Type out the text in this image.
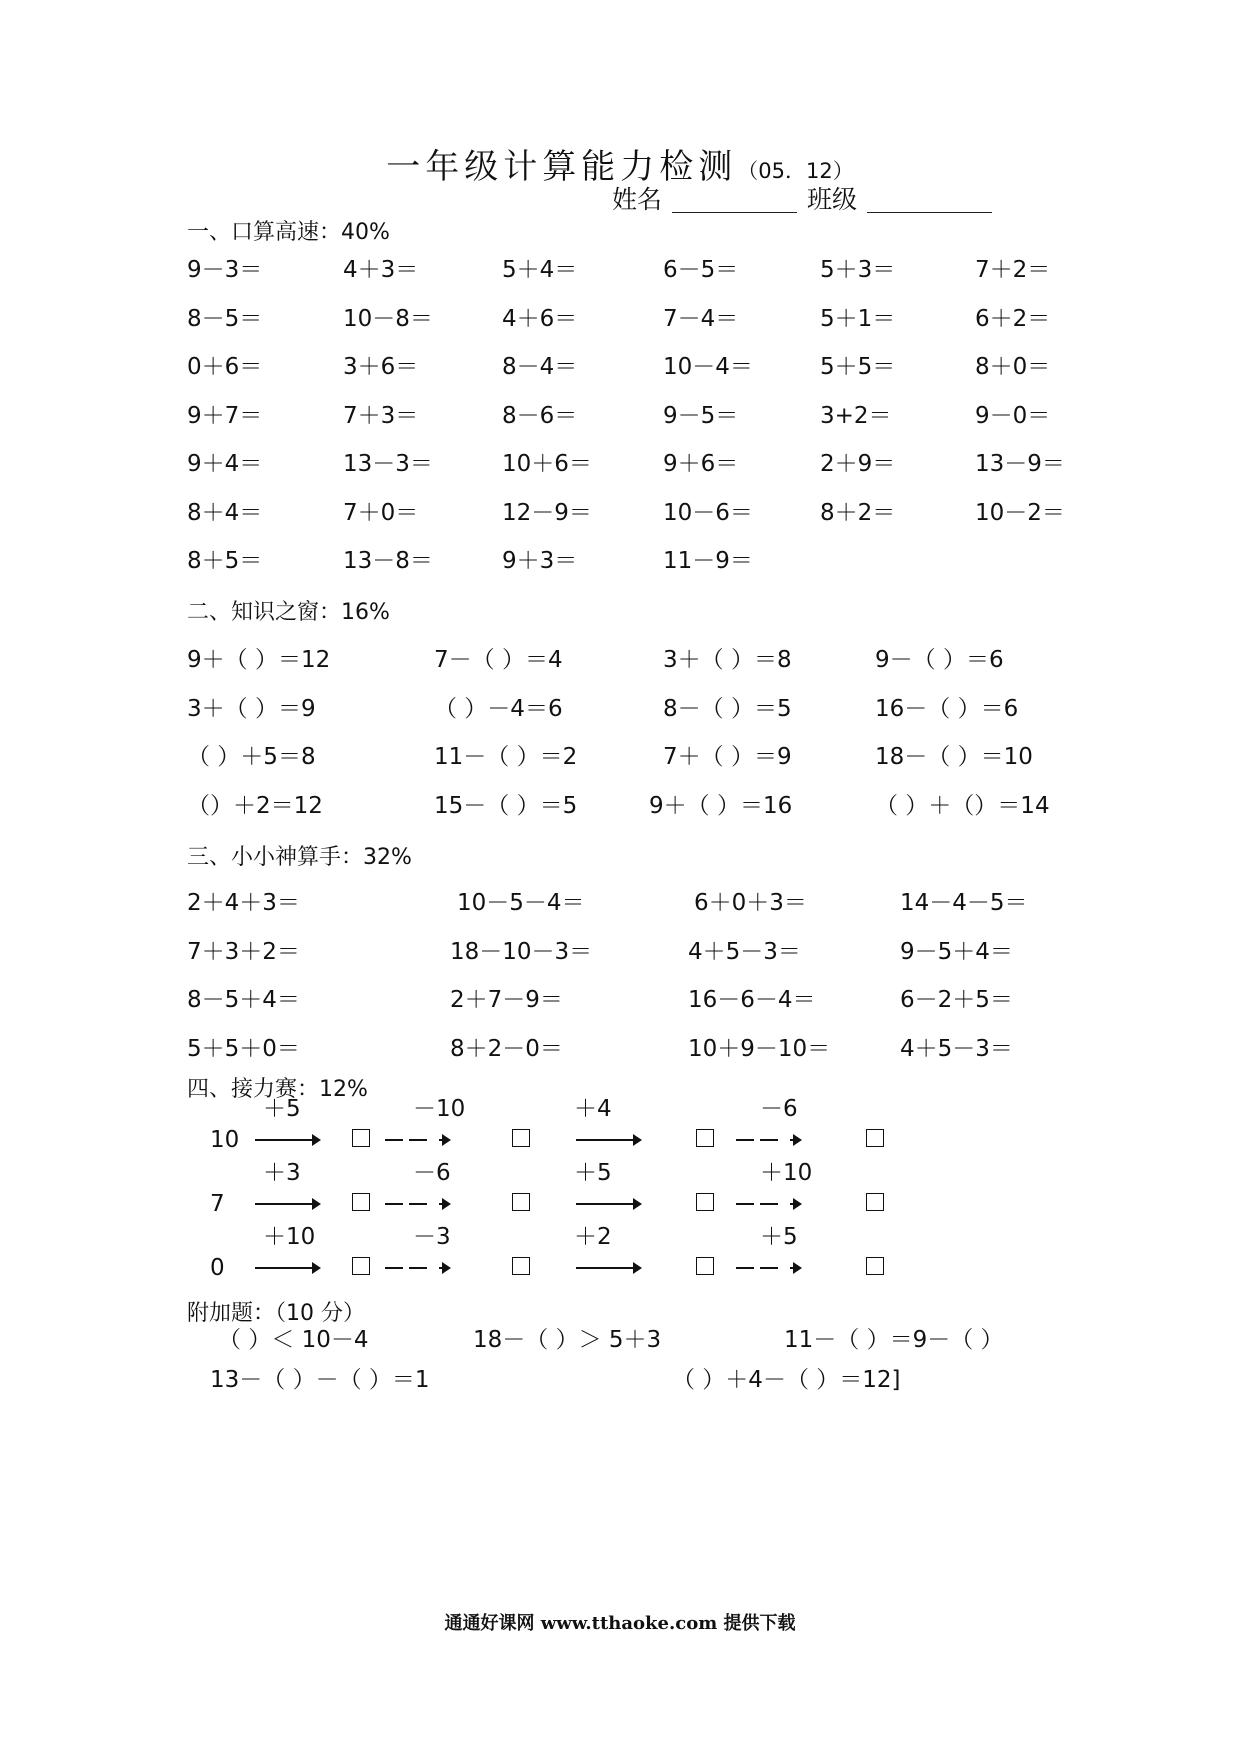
一年级计算能力检测（05．12）
姓名	班级
一、口算高速：40%
9－3＝	4＋3＝	5＋4＝	6－5＝	5＋3＝	7＋2＝
8－5＝	10－8＝	4＋6＝	7－4＝	5＋1＝	6＋2＝
0＋6＝	3＋6＝	8－4＝	10－4＝	5＋5＝	8＋0＝
9＋7＝	7＋3＝	8－6＝	9－5＝	3+2＝	9－0＝
9＋4＝	13－3＝	10＋6＝	9＋6＝	2＋9＝	13－9＝
8＋4＝	7＋0＝	12－9＝	10－6＝	8＋2＝	10－2＝
8＋5＝	13－8＝	9＋3＝	11－9＝
二、知识之窗：16%
9＋（ ）＝12	7－（ ）＝4	3＋（ ）＝8	9－（ ）＝6
3＋（ ）＝9	（ ）－4＝6	8－（ ）＝5	16－（ ）＝6
（ ）＋5＝8	11－（ ）＝2	7＋（ ）＝9	18－（ ）＝10
（）＋2＝12	15－（ ）＝5	9＋（ ）＝16	（ ）＋（）＝14
三、小小神算手：32%
2＋4＋3＝	10－5－4＝	6＋0＋3＝	14－4－5＝
7＋3＋2＝	18－10－3＝	4＋5－3＝	9－5＋4＝
8－5＋4＝	2＋7－9＝	16－6－4＝	6－2＋5＝
5＋5＋0＝	8＋2－0＝	10＋9－10＝	4＋5－3＝
四、接力赛：12%
＋5	－10	＋4	－6
10
＋3	－6	＋5	＋10
7
＋10	－3	＋2	＋5
0
附加题：（10 分）
（ ）＜ 10－4	18－（ ）＞ 5＋3	11－（ ）＝9－（ ）
13－（ ）－（ ）＝1	（ ）＋4－（ ）＝12]
通通好课网 www.tthaoke.com 提供下载
